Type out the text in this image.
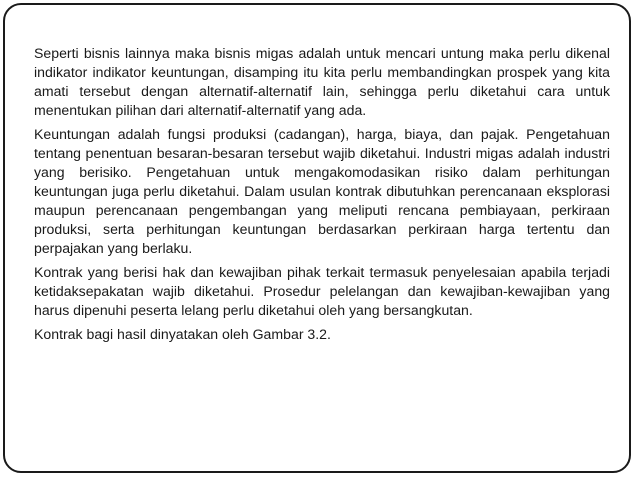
Seperti bisnis lainnya maka bisnis migas adalah untuk mencari untung maka perlu dikenal indikator indikator keuntungan, disamping itu kita perlu membandingkan prospek yang kita amati tersebut dengan alternatif-alternatif lain, sehingga perlu diketahui cara untuk menentukan pilihan dari alternatif-alternatif yang ada.

Keuntungan adalah fungsi produksi (cadangan), harga, biaya, dan pajak. Pengetahuan tentang penentuan besaran-besaran tersebut wajib diketahui. Industri migas adalah industri yang berisiko. Pengetahuan untuk mengakomodasikan risiko dalam perhitungan keuntungan juga perlu diketahui. Dalam usulan kontrak dibutuhkan perencanaan eksplorasi maupun perencanaan pengembangan yang meliputi rencana pembiayaan, perkiraan produksi, serta perhitungan keuntungan berdasarkan perkiraan harga tertentu dan perpajakan yang berlaku.

Kontrak yang berisi hak dan kewajiban pihak terkait termasuk penyelesaian apabila terjadi ketidaksepakatan wajib diketahui. Prosedur pelelangan dan kewajiban-kewajiban yang harus dipenuhi peserta lelang perlu diketahui oleh yang bersangkutan.

Kontrak bagi hasil dinyatakan oleh Gambar 3.2.
